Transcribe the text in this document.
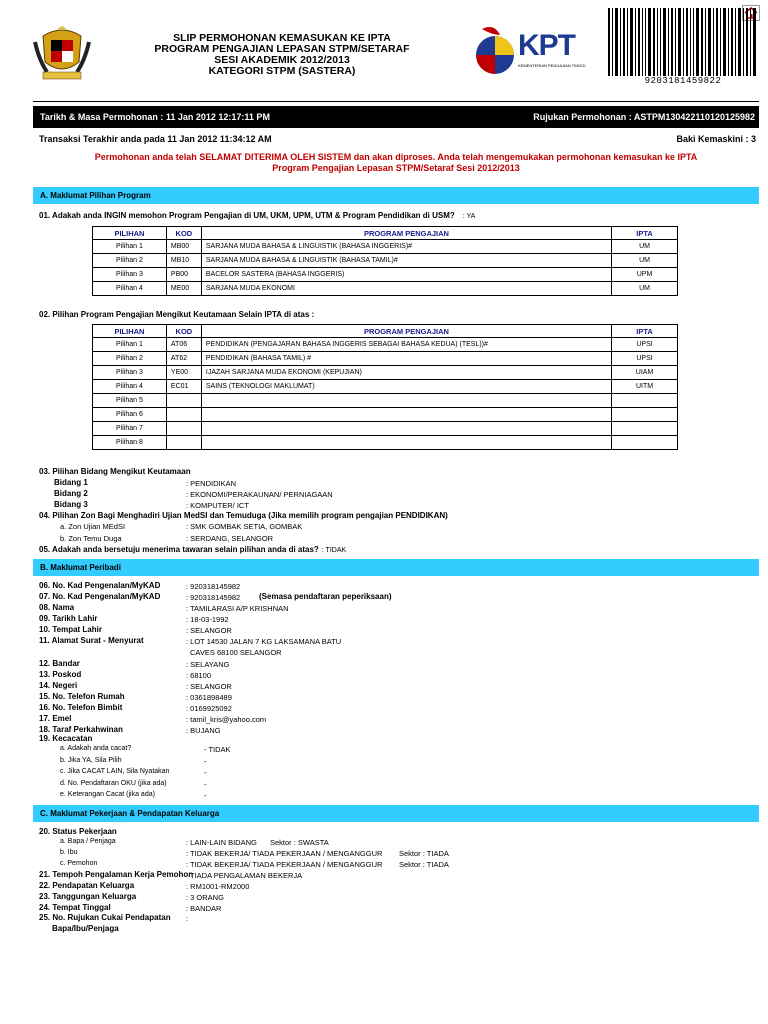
SLIP PERMOHONAN KEMASUKAN KE IPTA
PROGRAM PENGAJIAN LEPASAN STPM/SETARAF
SESI AKADEMIK 2012/2013
KATEGORI STPM (SASTERA)
KPT
KEMENTERIAN PENGAJIAN TINGGI
9203181459822
Tarikh & Masa Permohonan : 11 Jan 2012 12:17:11 PM	Rujukan Permohonan : ASTPM130422110120125982
Transaksi Terakhir anda pada 11 Jan 2012 11:34:12 AM	Baki Kemaskini : 3
Permohonan anda telah SELAMAT DITERIMA OLEH SISTEM dan akan diproses. Anda telah mengemukakan permohonan kemasukan ke IPTA
Program Pengajian Lepasan STPM/Setaraf Sesi 2012/2013
A. Maklumat Pilihan Program
01. Adakah anda INGIN memohon Program Pengajian di UM, UKM, UPM, UTM & Program Pendidikan di USM? : YA
PILIHAN	KOD	PROGRAM PENGAJIAN	IPTA
Pilihan 1	MB00	SARJANA MUDA BAHASA & LINGUISTIK (BAHASA INGGERIS)#	UM
Pilihan 2	MB10	SARJANA MUDA BAHASA & LINGUISTIK (BAHASA TAMIL)#	UM
Pilihan 3	PB00	BACELOR SASTERA (BAHASA INGGERIS)	UPM
Pilihan 4	ME00	SARJANA MUDA EKONOMI	UM
02. Pilihan Program Pengajian Mengikut Keutamaan Selain IPTA di atas :
PILIHAN	KOD	PROGRAM PENGAJIAN	IPTA
Pilihan 1	AT06	PENDIDIKAN (PENGAJARAN BAHASA INGGERIS SEBAGAI BAHASA KEDUA) (TESL))#	UPSI
Pilihan 2	AT62	PENDIDIKAN (BAHASA TAMIL) #	UPSI
Pilihan 3	YE00	IJAZAH SARJANA MUDA EKONOMI (KEPUJIAN)	UIAM
Pilihan 4	EC01	SAINS (TEKNOLOGI MAKLUMAT)	UITM
Pilihan 5			
Pilihan 6			
Pilihan 7			
Pilihan 8			
03. Pilihan Bidang Mengikut Keutamaan
Bidang 1	: PENDIDIKAN
Bidang 2	: EKONOMI/PERAKAUNAN/ PERNIAGAAN
Bidang 3	: KOMPUTER/ ICT
04. Pilihan Zon Bagi Menghadiri Ujian MedSI dan Temuduga (Jika memilih program pengajian PENDIDIKAN)
a. Zon Ujian MEdSI	: SMK GOMBAK SETIA, GOMBAK
b. Zon Temu Duga	: SERDANG, SELANGOR
05. Adakah anda bersetuju menerima tawaran selain pilihan anda di atas? : TIDAK
B. Maklumat Peribadi
06. No. Kad Pengenalan/MyKAD	: 920318145982
07. No. Kad Pengenalan/MyKAD	: 920318145982 (Semasa pendaftaran peperiksaan)
08. Nama	: TAMILARASI A/P KRISHNAN
09. Tarikh Lahir	: 18-03-1992
10. Tempat Lahir	: SELANGOR
11. Alamat Surat - Menyurat	: LOT 14530 JALAN 7 KG LAKSAMANA BATU
CAVES 68100 SELANGOR
12. Bandar	: SELAYANG
13. Poskod	: 68100
14. Negeri	: SELANGOR
15. No. Telefon Rumah	: 0361898489
16. No. Telefon Bimbit	: 0169925092
17. Emel	: tamil_kris@yahoo.com
18. Taraf Perkahwinan	: BUJANG
19. Kecacatan
a. Adakah anda cacat?	- TIDAK
b. Jika YA, Sila Pilih	-
c. Jika CACAT LAIN, Sila Nyatakan	-
d. No. Pendaftaran OKU (jika ada)	-
e. Keterangan Cacat (jika ada)	-
C. Maklumat Pekerjaan & Pendapatan Keluarga
20. Status Pekerjaan
a. Bapa / Penjaga	: LAIN-LAIN BIDANG Sektor : SWASTA
b. Ibu	: TIDAK BEKERJA/ TIADA PEKERJAAN / MENGANGGUR Sektor : TIADA
c. Pemohon	: TIDAK BEKERJA/ TIADA PEKERJAAN / MENGANGGUR Sektor : TIADA
21. Tempoh Pengalaman Kerja Pemohon
TIADA PENGALAMAN BEKERJA
22. Pendapatan Keluarga	: RM1001-RM2000
23. Tanggungan Keluarga	: 3 ORANG
24. Tempat Tinggal	: BANDAR
25. No. Rujukan Cukai Pendapatan :
Bapa/Ibu/Penjaga
